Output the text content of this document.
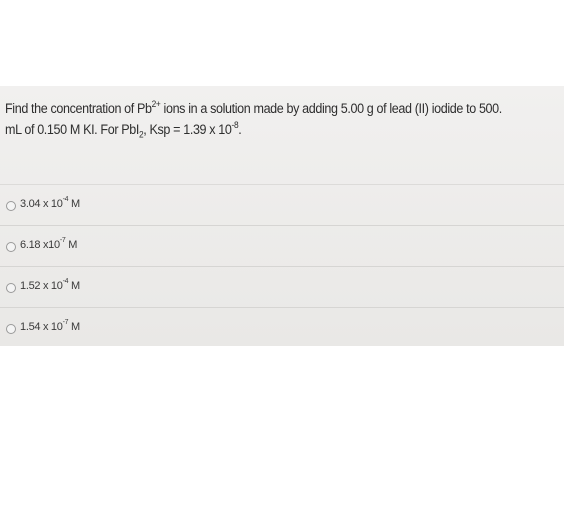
Find the concentration of $Pb^{2+}$ ions in a solution made by adding 5.00 g of lead (II) iodide to 500. mL of 0.150 M KI. For PbI$_2$, Ksp = 1.39 x $10^{-8}$.
3.04 x $10^{-4}$ M
6.18 $x10^{-7}$ M
1.52 x $10^{-4}$ M
1.54 x $10^{-7}$ M
